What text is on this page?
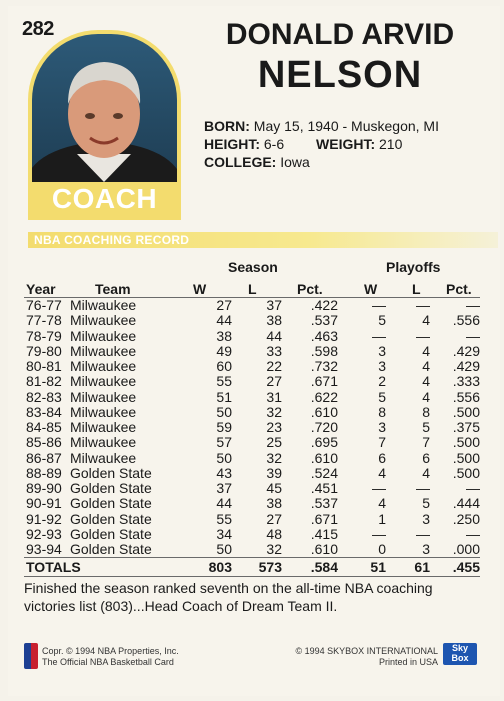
282
COACH
DONALD ARVID
NELSON
BORN: May 15, 1940 - Muskegon, MI
HEIGHT: 6-6 WEIGHT: 210
COLLEGE: Iowa
NBA COACHING RECORD
Season	Playoffs
Year	Team	W	L	Pct.	W L Pct.
76-77 Milwaukee	27	37	.422	—	—	—
77-78 Milwaukee	44	38	.537	5	4	.556
78-79 Milwaukee	38	44	.463	—	—	—
79-80 Milwaukee	49	33	.598	3	4	.429
80-81 Milwaukee	60	22	.732	3	4	.429
81-82 Milwaukee	55	27	.671	2	4	.333
82-83 Milwaukee	51	31	.622	5	4	.556
83-84 Milwaukee	50	32	.610	8	8	.500
84-85 Milwaukee	59	23	.720	3	5	.375
85-86 Milwaukee	57	25	.695	7	7	.500
86-87 Milwaukee	50	32	.610	6	6	.500
88-89 Golden State	43	39	.524	4	4	.500
89-90 Golden State	37	45	.451	—	—	—
90-91 Golden State	44	38	.537	4	5	.444
91-92 Golden State	55	27	.671	1	3	.250
92-93 Golden State	34	48	.415	—	—	—
93-94 Golden State	50	32	.610	0	3	.000
TOTALS	803	573	.584	51	61	.455
Finished the season ranked seventh on the all-time NBA coaching victories list (803)...Head Coach of Dream Team II.
Copr. © 1994 NBA Properties, Inc.
The Official NBA Basketball Card
© 1994 SKYBOX INTERNATIONAL
Printed in USA
Sky
Box
